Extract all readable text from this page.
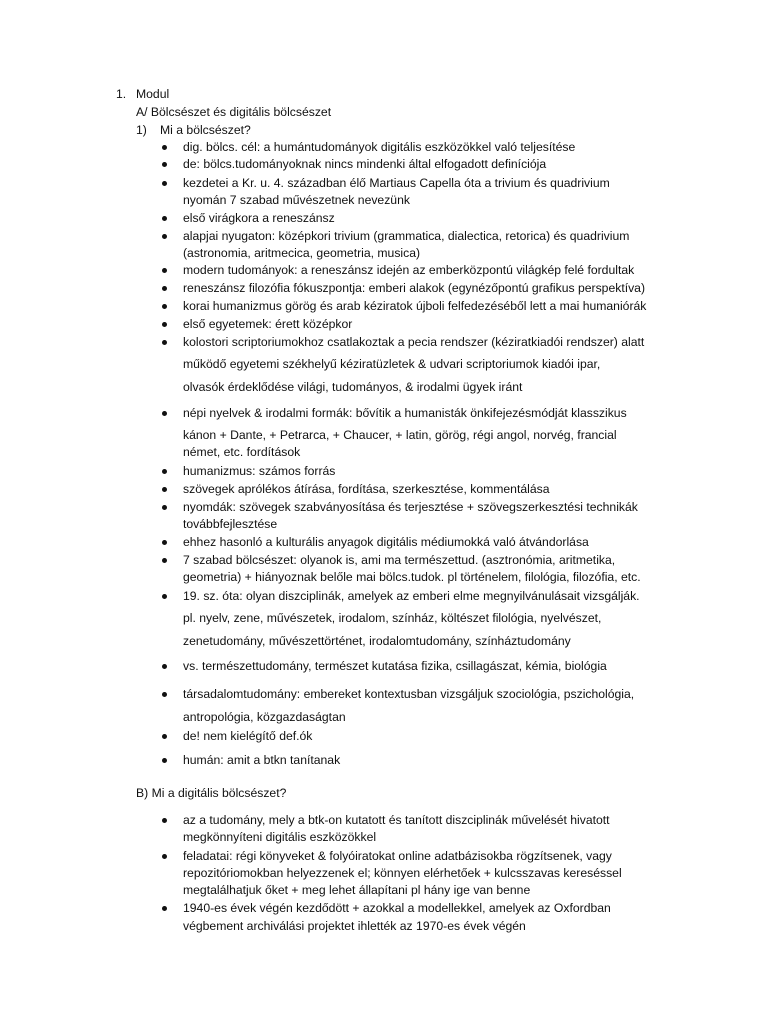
1. Modul
A/ Bölcsészet és digitális bölcsészet
1) Mi a bölcsészet?
dig. bölcs. cél: a humántudományok digitális eszközökkel való teljesítése
de: bölcs.tudományoknak nincs mindenki által elfogadott definíciója
kezdetei a Kr. u. 4. században élő Martiaus Capella óta a trivium és quadrivium
nyomán 7 szabad művészetnek nevezünk
első virágkora a reneszánsz
alapjai nyugaton: középkori trivium (grammatica, dialectica, retorica) és quadrivium
(astronomia, aritmecica, geometria, musica)
modern tudományok: a reneszánsz idején az emberközpontú világkép felé fordultak
reneszánsz filozófia fókuszpontja: emberi alakok (egynézőpontú grafikus perspektíva)
korai humanizmus görög és arab kéziratok újboli felfedezéséből lett a mai humaniórák
első egyetemek: érett középkor
kolostori scriptoriumokhoz csatlakoztak a pecia rendszer (kéziratkiadói rendszer) alatt
működő egyetemi székhelyű kéziratüzletek & udvari scriptoriumok kiadói ipar,
olvasók érdeklődése világi, tudományos, & irodalmi ügyek iránt
népi nyelvek & irodalmi formák: bővítik a humanisták önkifejezésmódját klasszikus
kánon + Dante, + Petrarca, + Chaucer, + latin, görög, régi angol, norvég, francial
német, etc. fordítások
humanizmus: számos forrás
szövegek aprólékos átírása, fordítása, szerkesztése, kommentálása
nyomdák: szövegek szabványosítása és terjesztése + szövegszerkesztési technikák
továbbfejlesztése
ehhez hasonló a kulturális anyagok digitális médiumokká való átvándorlása
7 szabad bölcsészet: olyanok is, ami ma természettud. (asztronómia, aritmetika,
geometria) + hiányoznak belőle mai bölcs.tudok. pl történelem, filológia, filozófia, etc.
19. sz. óta: olyan diszciplinák, amelyek az emberi elme megnyilvánulásait vizsgálják.
pl. nyelv, zene, művészetek, irodalom, színház, költészet filológia, nyelvészet,
zenetudomány, művészettörténet, irodalomtudomány, színháztudomány
vs. természettudomány, természet kutatása fizika, csillagászat, kémia, biológia
társadalomtudomány: embereket kontextusban vizsgáljuk szociológia, pszichológia,
antropológia, közgazdaságtan
de! nem kielégítő def.ók
humán: amit a btkn tanítanak
B) Mi a digitális bölcsészet?
az a tudomány, mely a btk-on kutatott és tanított diszciplinák művelését hivatott
megkönnyíteni digitális eszközökkel
feladatai: régi könyveket & folyóiratokat online adatbázisokba rögzítsenek, vagy
repozitóriomokban helyezzenek el; könnyen elérhetőek + kulcsszavas kereséssel
megtalálhatjuk őket + meg lehet állapítani pl hány ige van benne
1940-es évek végén kezdődött + azokkal a modellekkel, amelyek az Oxfordban
végbement archiválási projektet ihlették az 1970-es évek végén
